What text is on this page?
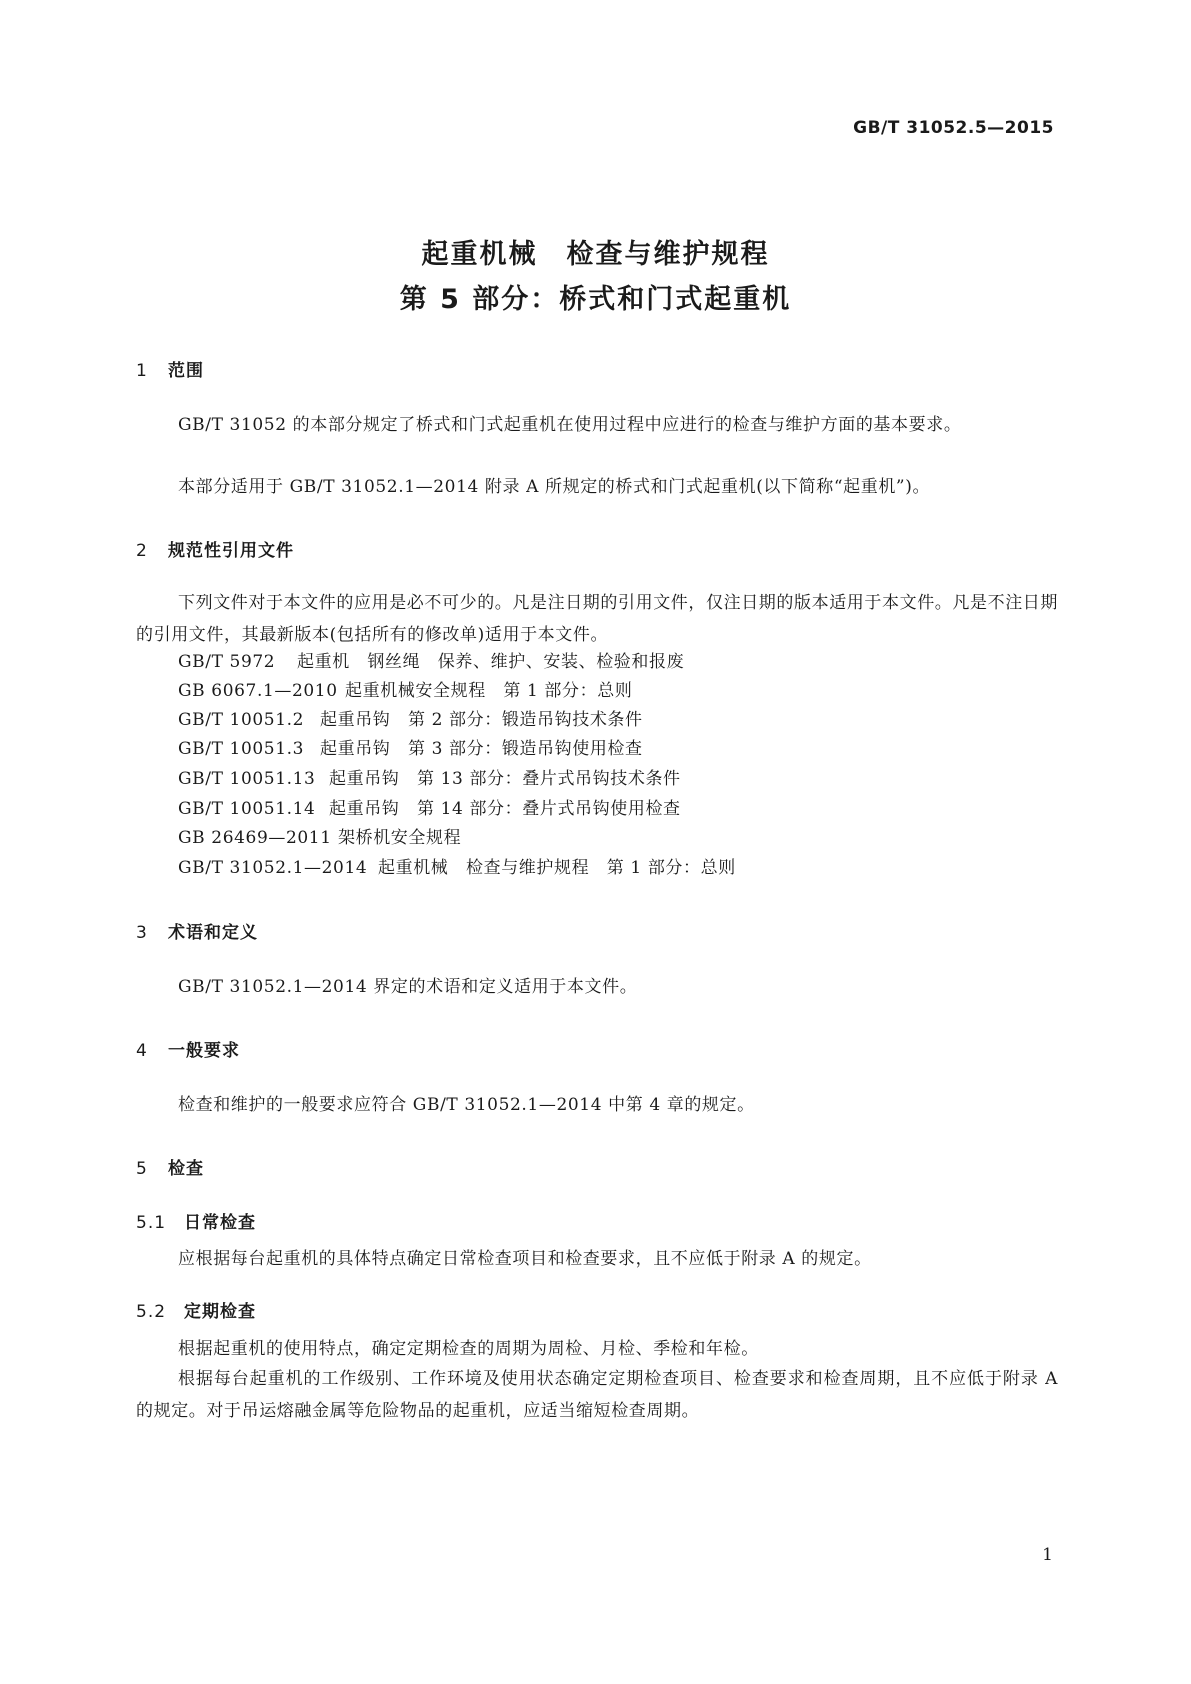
GB/T 31052.5—2015
起重机械　检查与维护规程
第 5 部分：桥式和门式起重机
1 范围
GB/T 31052 的本部分规定了桥式和门式起重机在使用过程中应进行的检查与维护方面的基本要求。
本部分适用于 GB/T 31052.1—2014 附录 A 所规定的桥式和门式起重机(以下简称“起重机”)。
2 规范性引用文件
下列文件对于本文件的应用是必不可少的。凡是注日期的引用文件，仅注日期的版本适用于本文件。凡是不注日期的引用文件，其最新版本(包括所有的修改单)适用于本文件。
GB/T 5972 起重机　钢丝绳　保养、维护、安装、检验和报废
GB 6067.1—2010 起重机械安全规程　第 1 部分：总则
GB/T 10051.2 起重吊钩　第 2 部分：锻造吊钩技术条件
GB/T 10051.3 起重吊钩　第 3 部分：锻造吊钩使用检查
GB/T 10051.13 起重吊钩　第 13 部分：叠片式吊钩技术条件
GB/T 10051.14 起重吊钩　第 14 部分：叠片式吊钩使用检查
GB 26469—2011 架桥机安全规程
GB/T 31052.1—2014 起重机械　检查与维护规程　第 1 部分：总则
3 术语和定义
GB/T 31052.1—2014 界定的术语和定义适用于本文件。
4 一般要求
检查和维护的一般要求应符合 GB/T 31052.1—2014 中第 4 章的规定。
5 检查
5.1 日常检查
应根据每台起重机的具体特点确定日常检查项目和检查要求，且不应低于附录 A 的规定。
5.2 定期检查
根据起重机的使用特点，确定定期检查的周期为周检、月检、季检和年检。
根据每台起重机的工作级别、工作环境及使用状态确定定期检查项目、检查要求和检查周期，且不应低于附录 A 的规定。对于吊运熔融金属等危险物品的起重机，应适当缩短检查周期。
1
